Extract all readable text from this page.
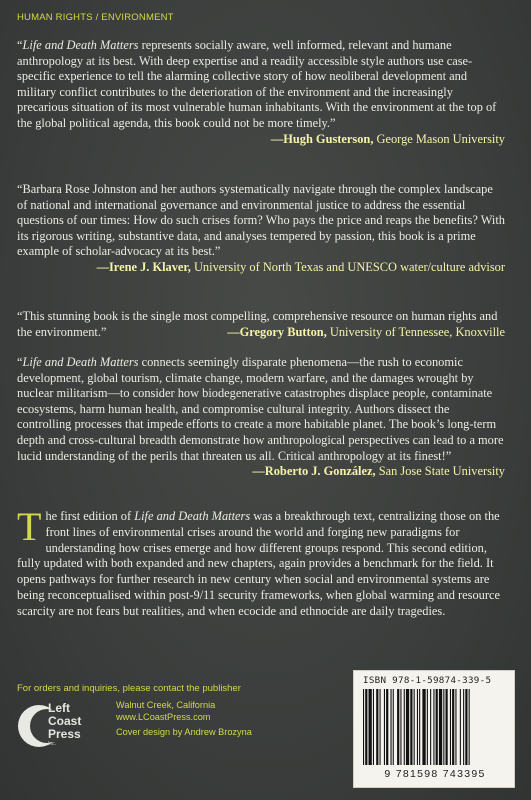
HUMAN RIGHTS / ENVIRONMENT
“Life and Death Matters represents socially aware, well informed, relevant and humane anthropology at its best. With deep expertise and a readily accessible style authors use case-specific experience to tell the alarming collective story of how neoliberal development and military conflict contributes to the deterioration of the environment and the increasingly precarious situation of its most vulnerable human inhabitants. With the environment at the top of the global political agenda, this book could not be more timely.”
—Hugh Gusterson, George Mason University
“Barbara Rose Johnston and her authors systematically navigate through the complex landscape of national and international governance and environmental justice to address the essential questions of our times: How do such crises form? Who pays the price and reaps the benefits? With its rigorous writing, substantive data, and analyses tempered by passion, this book is a prime example of scholar-advocacy at its best.”
—Irene J. Klaver, University of North Texas and UNESCO water/culture advisor
“This stunning book is the single most compelling, comprehensive resource on human rights and the environment.”	—Gregory Button, University of Tennessee, Knoxville
“Life and Death Matters connects seemingly disparate phenomena—the rush to economic development, global tourism, climate change, modern warfare, and the damages wrought by nuclear militarism—to consider how biodegenerative catastrophes displace people, contaminate ecosystems, harm human health, and compromise cultural integrity. Authors dissect the controlling processes that impede efforts to create a more habitable planet. The book’s long-term depth and cross-cultural breadth demonstrate how anthropological perspectives can lead to a more lucid understanding of the perils that threaten us all. Critical anthropology at its finest!”
—Roberto J. González, San Jose State University
The first edition of Life and Death Matters was a breakthrough text, centralizing those on the front lines of environmental crises around the world and forging new paradigms for understanding how crises emerge and how different groups respond. This second edition, fully updated with both expanded and new chapters, again provides a benchmark for the field. It opens pathways for further research in new century when social and environmental systems are being reconceptualised within post-9/11 security frameworks, when global warming and resource scarcity are not fears but realities, and when ecocide and ethnocide are daily tragedies.
For orders and inquiries, please contact the publisher
Left
Coast
Press
Inc.
Walnut Creek, California
www.LCoastPress.com
Cover design by Andrew Brozyna
ISBN 978-1-59874-339-5
9 781598 743395
